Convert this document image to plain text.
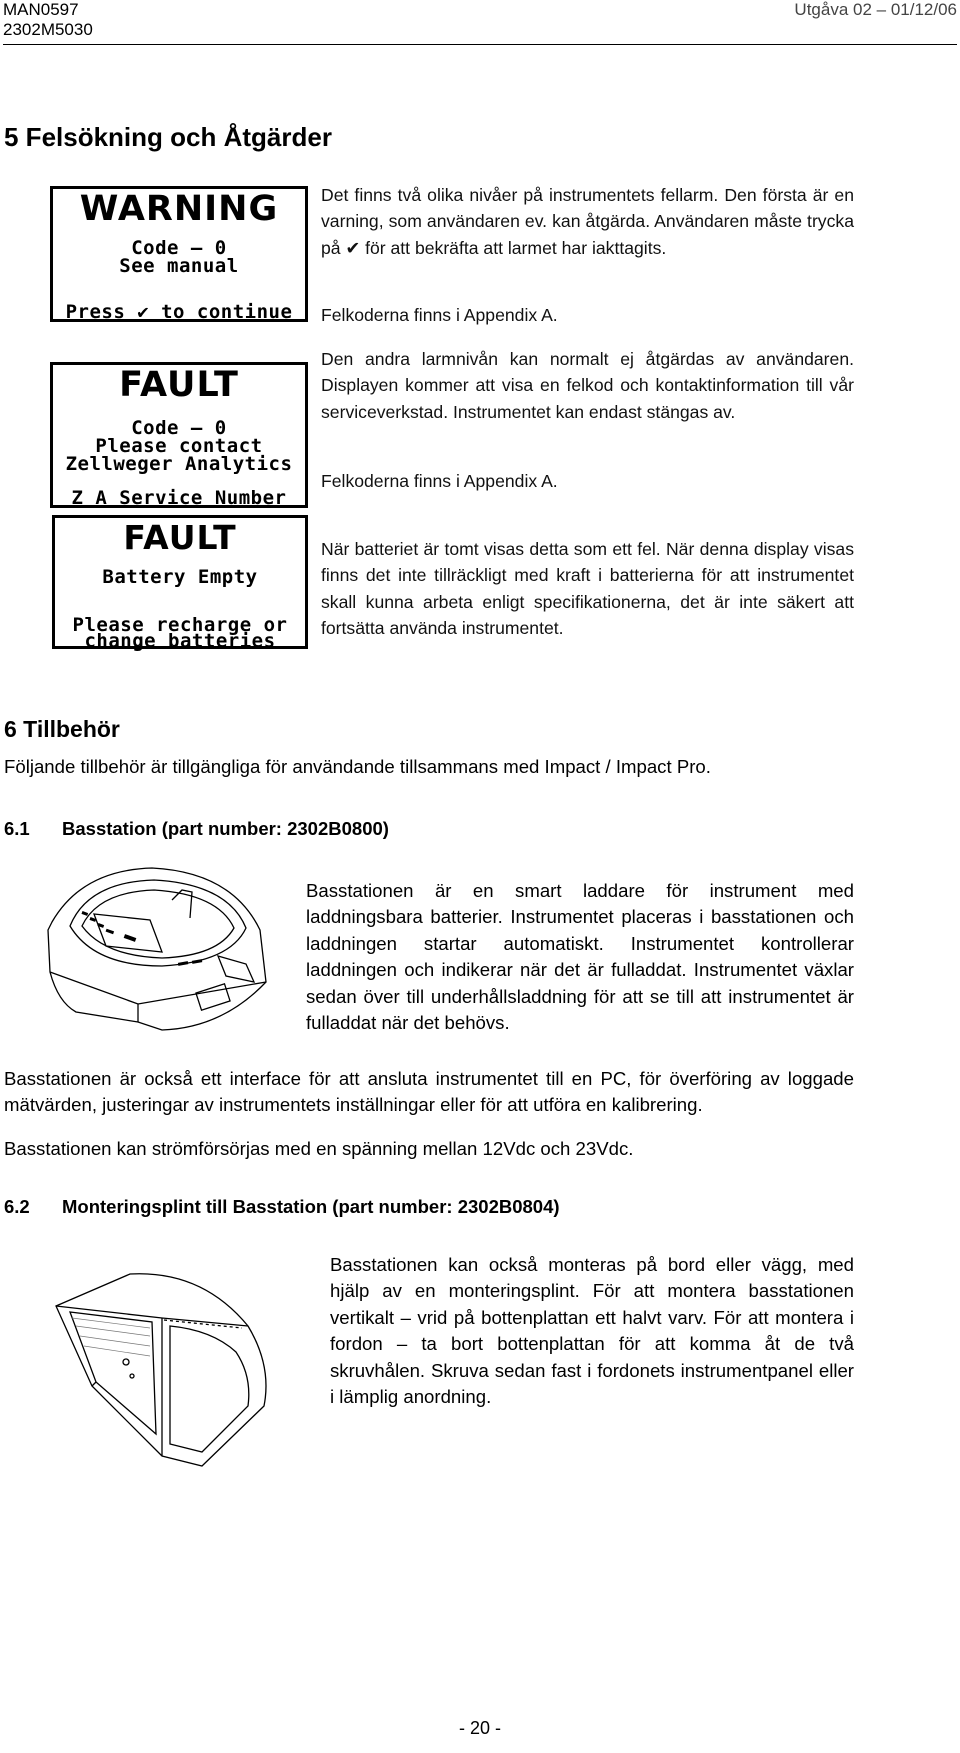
MAN0597
2302M5030
Utgåva 02 – 01/12/06
5 Felsökning och Åtgärder
WARNING
Code – 0
See manual
Press ✔ to continue
FAULT
Code – 0
Please contact
Zellweger Analytics
Z A Service Number
FAULT
Battery Empty
Please recharge or
change batteries
Det finns två olika nivåer på instrumentets fellarm. Den första är en varning, som användaren ev. kan åtgärda. Användaren måste trycka på ✔ för att bekräfta att larmet har iakttagits.
Felkoderna finns i Appendix A.
Den andra larmnivån kan normalt ej åtgärdas av användaren. Displayen kommer att visa en felkod och kontaktinformation till vår serviceverkstad. Instrumentet kan endast stängas av.
Felkoderna finns i Appendix A.
När batteriet är tomt visas detta som ett fel. När denna display visas finns det inte tillräckligt med kraft i batterierna för att instrumentet skall kunna arbeta enligt specifikationerna, det är inte säkert att fortsätta använda instrumentet.
6 Tillbehör
Följande tillbehör är tillgängliga för användande tillsammans med Impact / Impact Pro.
6.1 Basstation (part number: 2302B0800)
Basstationen är en smart laddare för instrument med laddningsbara batterier. Instrumentet placeras i basstationen och laddningen startar automatiskt. Instrumentet kontrollerar laddningen och indikerar när det är fulladdat. Instrumentet växlar sedan över till underhållsladdning för att se till att instrumentet är fulladdat när det behövs.
Basstationen är också ett interface för att ansluta instrumentet till en PC, för överföring av loggade mätvärden, justeringar av instrumentets inställningar eller för att utföra en kalibrering.
Basstationen kan strömförsörjas med en spänning mellan 12Vdc och 23Vdc.
6.2 Monteringsplint till Basstation (part number: 2302B0804)
Basstationen kan också monteras på bord eller vägg, med hjälp av en monteringsplint. För att montera basstationen vertikalt – vrid på bottenplattan ett halvt varv. För att montera i fordon – ta bort bottenplattan för att komma åt de två skruvhålen. Skruva sedan fast i fordonets instrumentpanel eller i lämplig anordning.
- 20 -
